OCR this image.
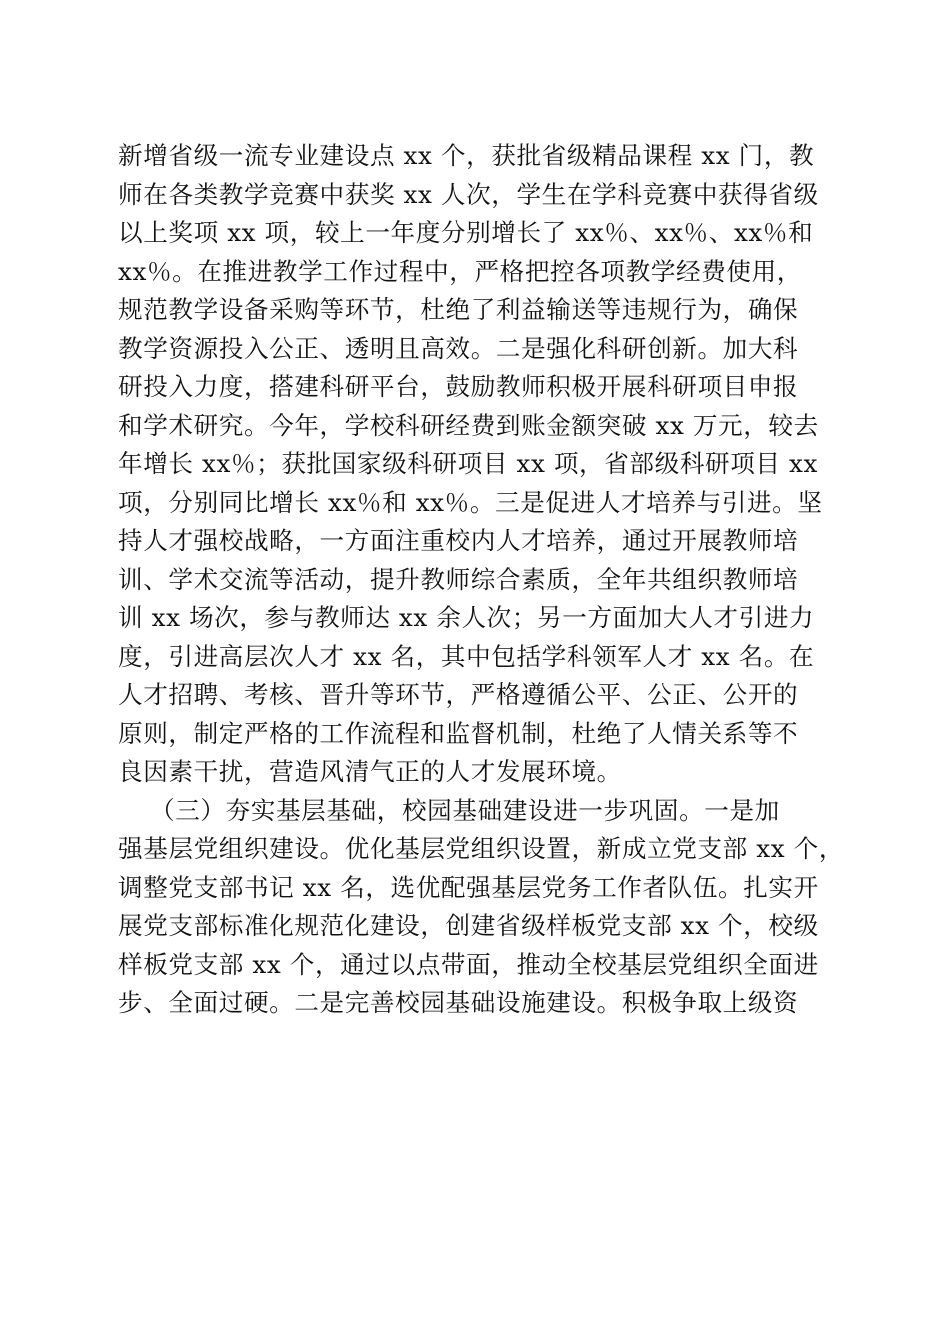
新增省级一流专业建设点 xx 个，获批省级精品课程 xx 门，教
师在各类教学竞赛中获奖 xx 人次，学生在学科竞赛中获得省级
以上奖项 xx 项，较上一年度分别增长了 xx％、xx％、xx％和
xx％。在推进教学工作过程中，严格把控各项教学经费使用，
规范教学设备采购等环节，杜绝了利益输送等违规行为，确保
教学资源投入公正、透明且高效。二是强化科研创新。加大科
研投入力度，搭建科研平台，鼓励教师积极开展科研项目申报
和学术研究。今年，学校科研经费到账金额突破 xx 万元，较去
年增长 xx％；获批国家级科研项目 xx 项，省部级科研项目 xx
项，分别同比增长 xx％和 xx％。三是促进人才培养与引进。坚
持人才强校战略，一方面注重校内人才培养，通过开展教师培
训、学术交流等活动，提升教师综合素质，全年共组织教师培
训 xx 场次，参与教师达 xx 余人次；另一方面加大人才引进力
度，引进高层次人才 xx 名，其中包括学科领军人才 xx 名。在
人才招聘、考核、晋升等环节，严格遵循公平、公正、公开的
原则，制定严格的工作流程和监督机制，杜绝了人情关系等不
良因素干扰，营造风清气正的人才发展环境。
（三）夯实基层基础，校园基础建设进一步巩固。一是加
强基层党组织建设。优化基层党组织设置，新成立党支部 xx 个，
调整党支部书记 xx 名，选优配强基层党务工作者队伍。扎实开
展党支部标准化规范化建设，创建省级样板党支部 xx 个，校级
样板党支部 xx 个，通过以点带面，推动全校基层党组织全面进
步、全面过硬。二是完善校园基础设施建设。积极争取上级资
